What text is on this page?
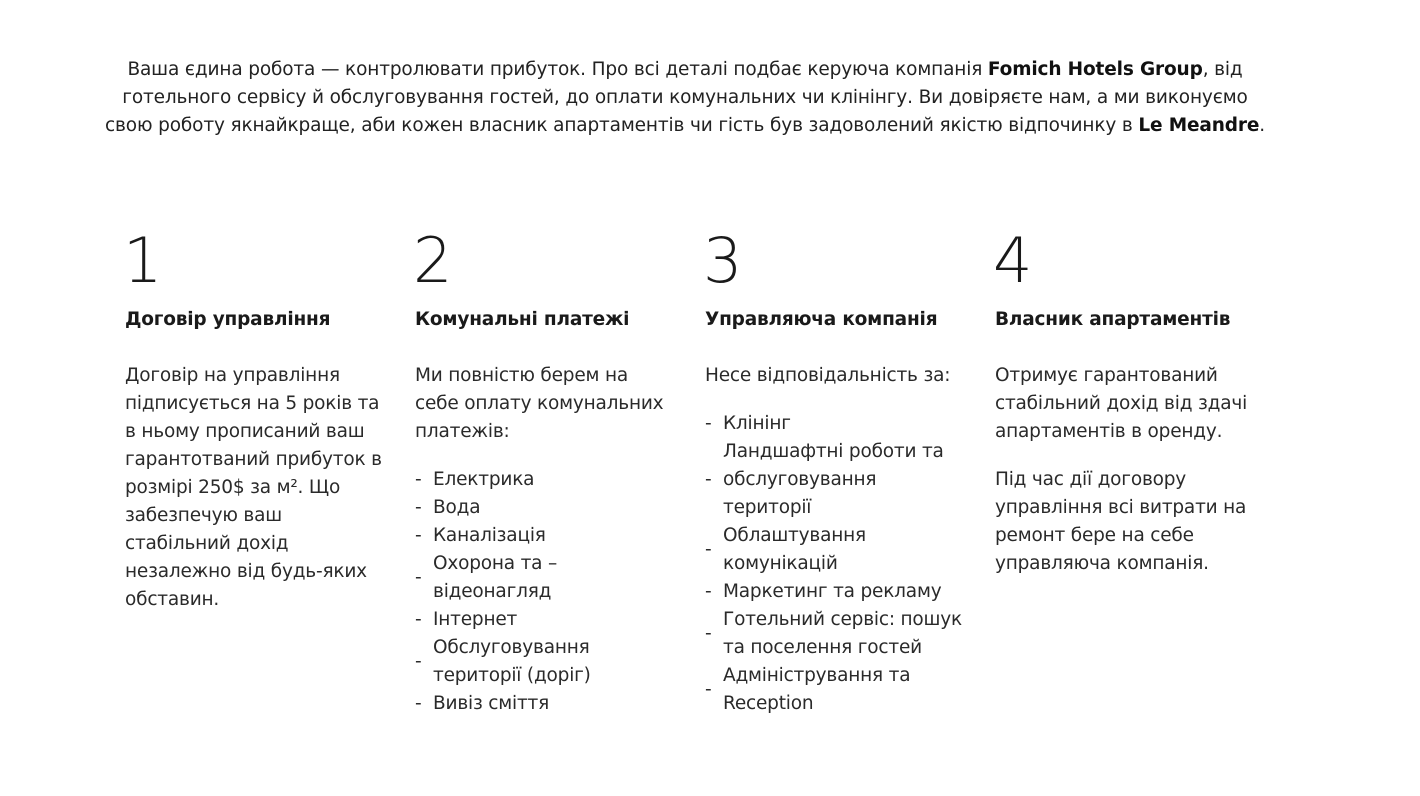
Ваша єдина робота — контролювати прибуток. Про всі деталі подбає керуюча компанія Fomich Hotels Group, від готельного сервісу й обслуговування гостей, до оплати комунальних чи клінінгу. Ви довіряєте нам, а ми виконуємо свою роботу якнайкраще, аби кожен власник апартаментів чи гість був задоволений якістю відпочинку в Le Meandre.
1
Договір управління
Договір на управління підписується на 5 років та в ньому прописаний ваш гарантотваний прибуток в розмірі 250$ за м². Що забезпечую ваш стабільний дохід незалежно від будь-яких обставин.
2
Комунальні платежі
Ми повністю берем на себе оплату комунальних платежів:
- Електрика
- Вода
- Каналізація
-
Охорона та – відеонагляд
- Інтернет
-
Обслуговування території (доріг)
- Вивіз сміття
3
Управляюча компанія
Несе відповідальність за:
- Клінінг
-
Ландшафтні роботи та обслуговування території
-
Облаштування комунікацій
- Маркетинг та рекламу
-
Готельний сервіс: пошук та поселення гостей
-
Адміністрування та Reception
4
Власник апартаментів
Отримує гарантований стабільний дохід від здачі апартаментів в оренду.
Під час дії договору управління всі витрати на ремонт бере на себе управляюча компанія.
